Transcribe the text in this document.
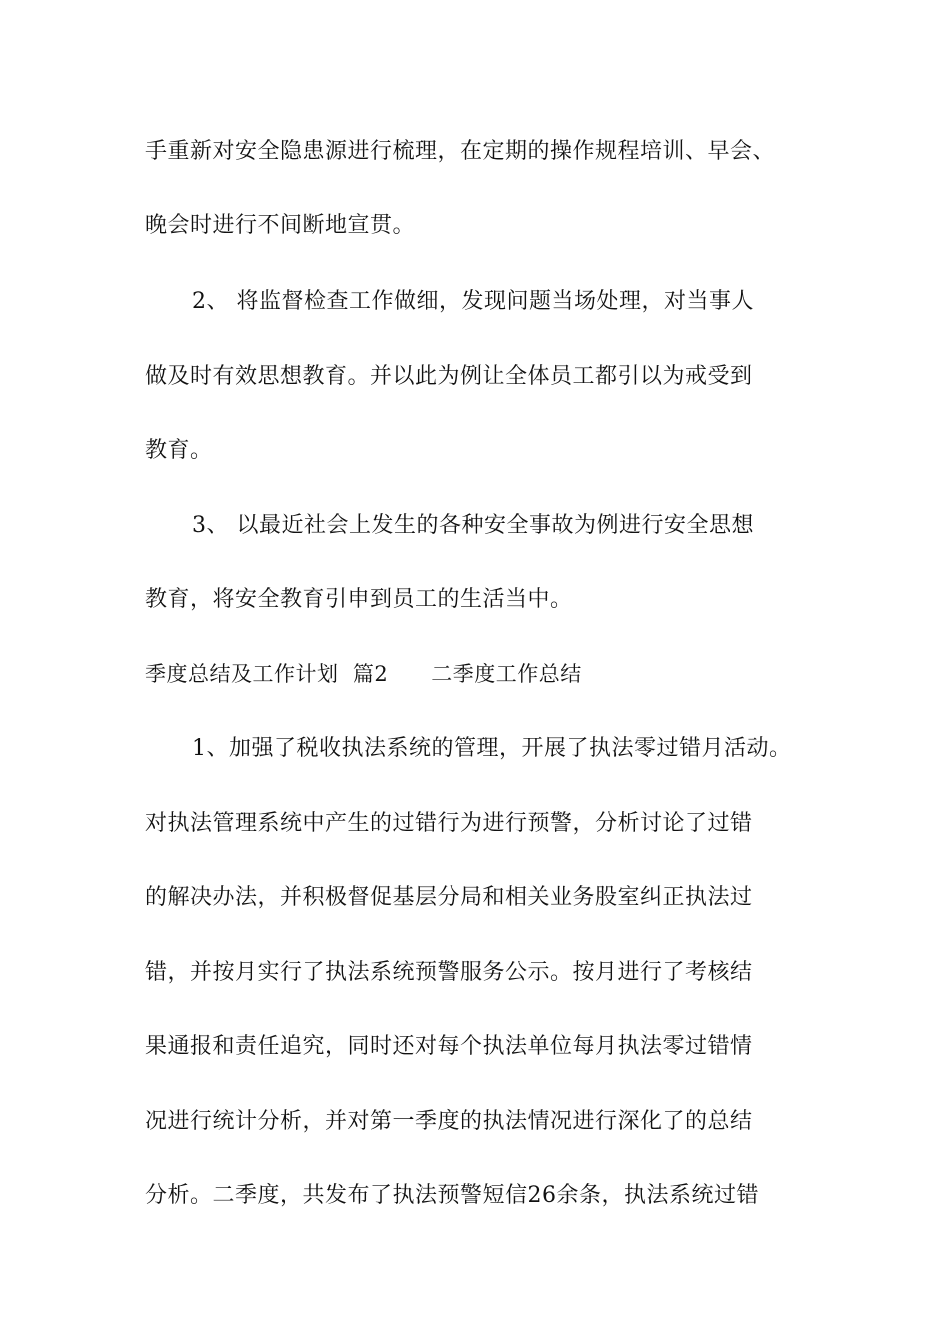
手重新对安全隐患源进行梳理，在定期的操作规程培训、早会、
晚会时进行不间断地宣贯。
2、 将监督检查工作做细，发现问题当场处理，对当事人
做及时有效思想教育。并以此为例让全体员工都引以为戒受到
教育。
3、 以最近社会上发生的各种安全事故为例进行安全思想
教育，将安全教育引申到员工的生活当中。
季度总结及工作计划  篇2      二季度工作总结
1、加强了税收执法系统的管理，开展了执法零过错月活动。
对执法管理系统中产生的过错行为进行预警，分析讨论了过错
的解决办法，并积极督促基层分局和相关业务股室纠正执法过
错，并按月实行了执法系统预警服务公示。按月进行了考核结
果通报和责任追究，同时还对每个执法单位每月执法零过错情
况进行统计分析，并对第一季度的执法情况进行深化了的总结
分析。二季度，共发布了执法预警短信26余条，执法系统过错
